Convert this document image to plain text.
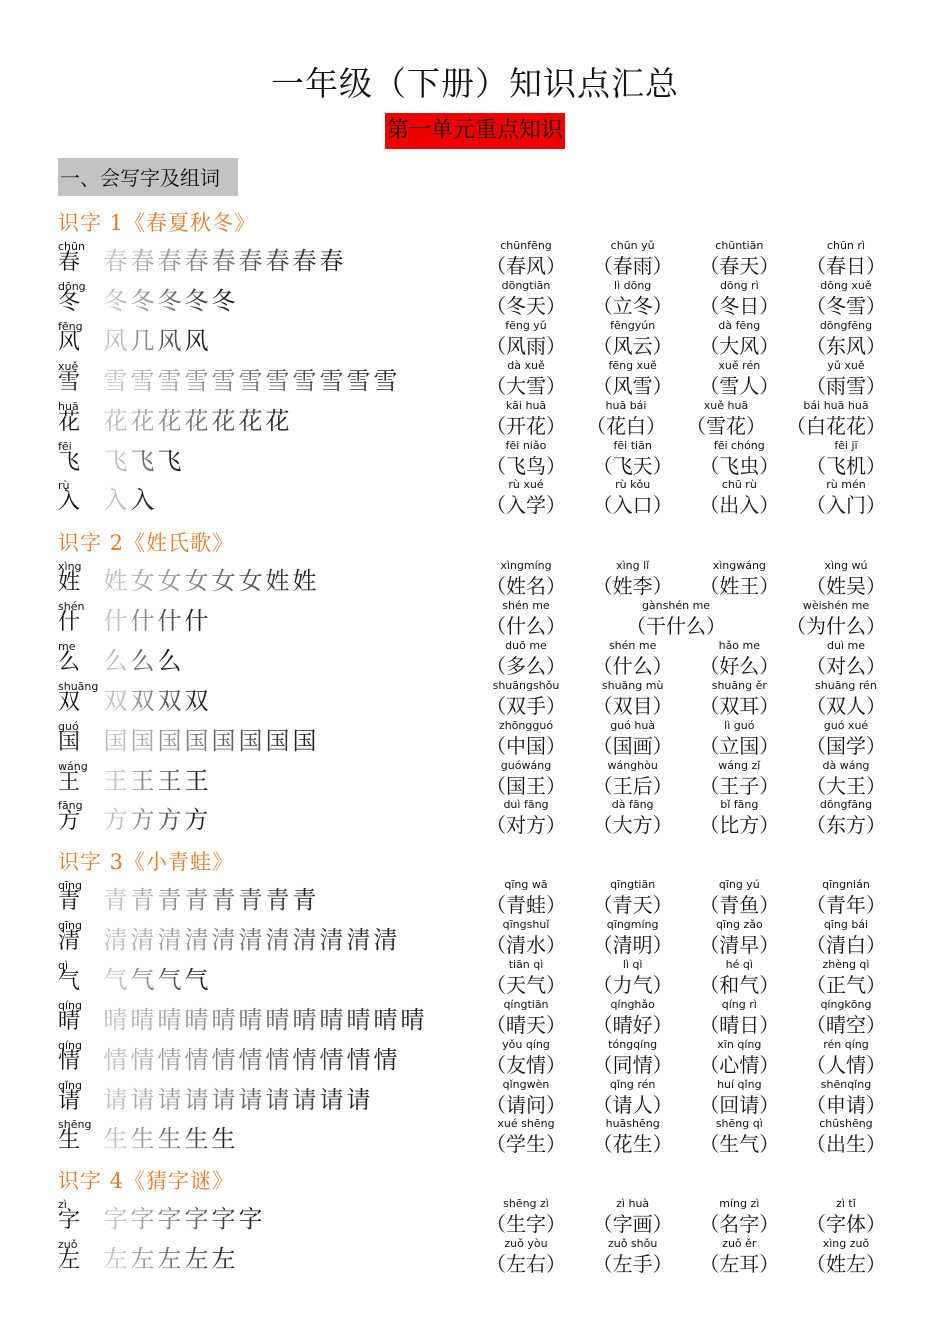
一年级（下册）知识点汇总
第一单元重点知识
一、会写字及组词
识字 1《春夏秋冬》
chūn
春 春 春 春 春 春 春 春 春 春
chūnfēng
（春风）
chūn yǔ
（春雨）
chūntiān
（春天）
chūn rì
（春日）
dōng
冬 冬 冬 冬 冬 冬
dōngtiān
（冬天）
lì dōng
（立冬）
dōng rì
（冬日）
dōng xuě
（冬雪）
fēng
风 风 几 风 风
fēng yǔ
（风雨）
fēngyún
（风云）
dà fēng
（大风）
dōngfēng
（东风）
xuě
雪 雪 雪 雪 雪 雪 雪 雪 雪 雪 雪 雪
dà xuě
（大雪）
fēng xuě
（风雪）
xuě rén
（雪人）
yǔ xuě
（雨雪）
huā
花 花 花 花 花 花 花 花
kāi huā
（开花）
huā bái
（花白）
xuě huā
（雪花）
bái huā huā
（白花花）
fēi
飞 飞 飞 飞
fēi niǎo
（飞鸟）
fēi tiān
（飞天）
fēi chóng
（飞虫）
fēi jī
（飞机）
rù
入 入 入
rù xué
（入学）
rù kǒu
（入口）
chū rù
（出入）
rù mén
（入门）
识字 2《姓氏歌》
xìng
姓 姓 女 女 女 女 女 姓 姓
xìngmíng
（姓名）
xìng lǐ
（姓李）
xìngwáng
（姓王）
xìng wú
（姓吴）
shén
什 什 什 什 什
shén me
（什么）
gànshén me
（干什么）
wèishén me
（为什么）
me
么 么 么 么
duō me
（多么）
shén me
（什么）
hǎo me
（好么）
duì me
（对么）
shuāng
双 双 双 双 双
shuāngshǒu
（双手）
shuāng mù
（双目）
shuāng ěr
（双耳）
shuāng rén
（双人）
guó
国 国 国 国 国 国 国 国 国
zhōngguó
（中国）
guó huà
（国画）
lì guó
（立国）
guó xué
（国学）
wáng
王 王 王 王 王
guówáng
（国王）
wánghòu
（王后）
wáng zǐ
（王子）
dà wáng
（大王）
fāng
方 方 方 方 方
duì fāng
（对方）
dà fāng
（大方）
bǐ fāng
（比方）
dōngfāng
（东方）
识字 3《小青蛙》
qīng
青 青 青 青 青 青 青 青 青
qīng wā
（青蛙）
qīngtiān
（青天）
qīng yú
（青鱼）
qīngnián
（青年）
qīng
清 清 清 清 清 清 清 清 清 清 清 清
qīngshuǐ
（清水）
qīngmíng
（清明）
qīng zǎo
（清早）
qīng bái
（清白）
qì
气 气 气 气 气
tiān qì
（天气）
lì qì
（力气）
hé qì
（和气）
zhèng qì
（正气）
qíng
晴 晴 晴 晴 晴 晴 晴 晴 晴 晴 晴 晴 晴
qíngtiān
（晴天）
qínghǎo
（晴好）
qíng rì
（晴日）
qíngkōng
（晴空）
qíng
情 情 情 情 情 情 情 情 情 情 情 情
yǒu qíng
（友情）
tóngqíng
（同情）
xīn qíng
（心情）
rén qíng
（人情）
qǐng
请 请 请 请 请 请 请 请 请 请 请
qǐngwèn
（请问）
qǐng rén
（请人）
huí qǐng
（回请）
shēnqǐng
（申请）
shēng
生 生 生 生 生 生
xué shēng
（学生）
huāshēng
（花生）
shēng qì
（生气）
chūshēng
（出生）
识字 4《猜字谜》
zì
字 字 字 字 字 字 字
shēng zì
（生字）
zì huà
（字画）
míng zì
（名字）
zì tǐ
（字体）
zuǒ
左 左 左 左 左 左
zuǒ yòu
（左右）
zuǒ shǒu
（左手）
zuǒ ěr
（左耳）
xìng zuǒ
（姓左）
